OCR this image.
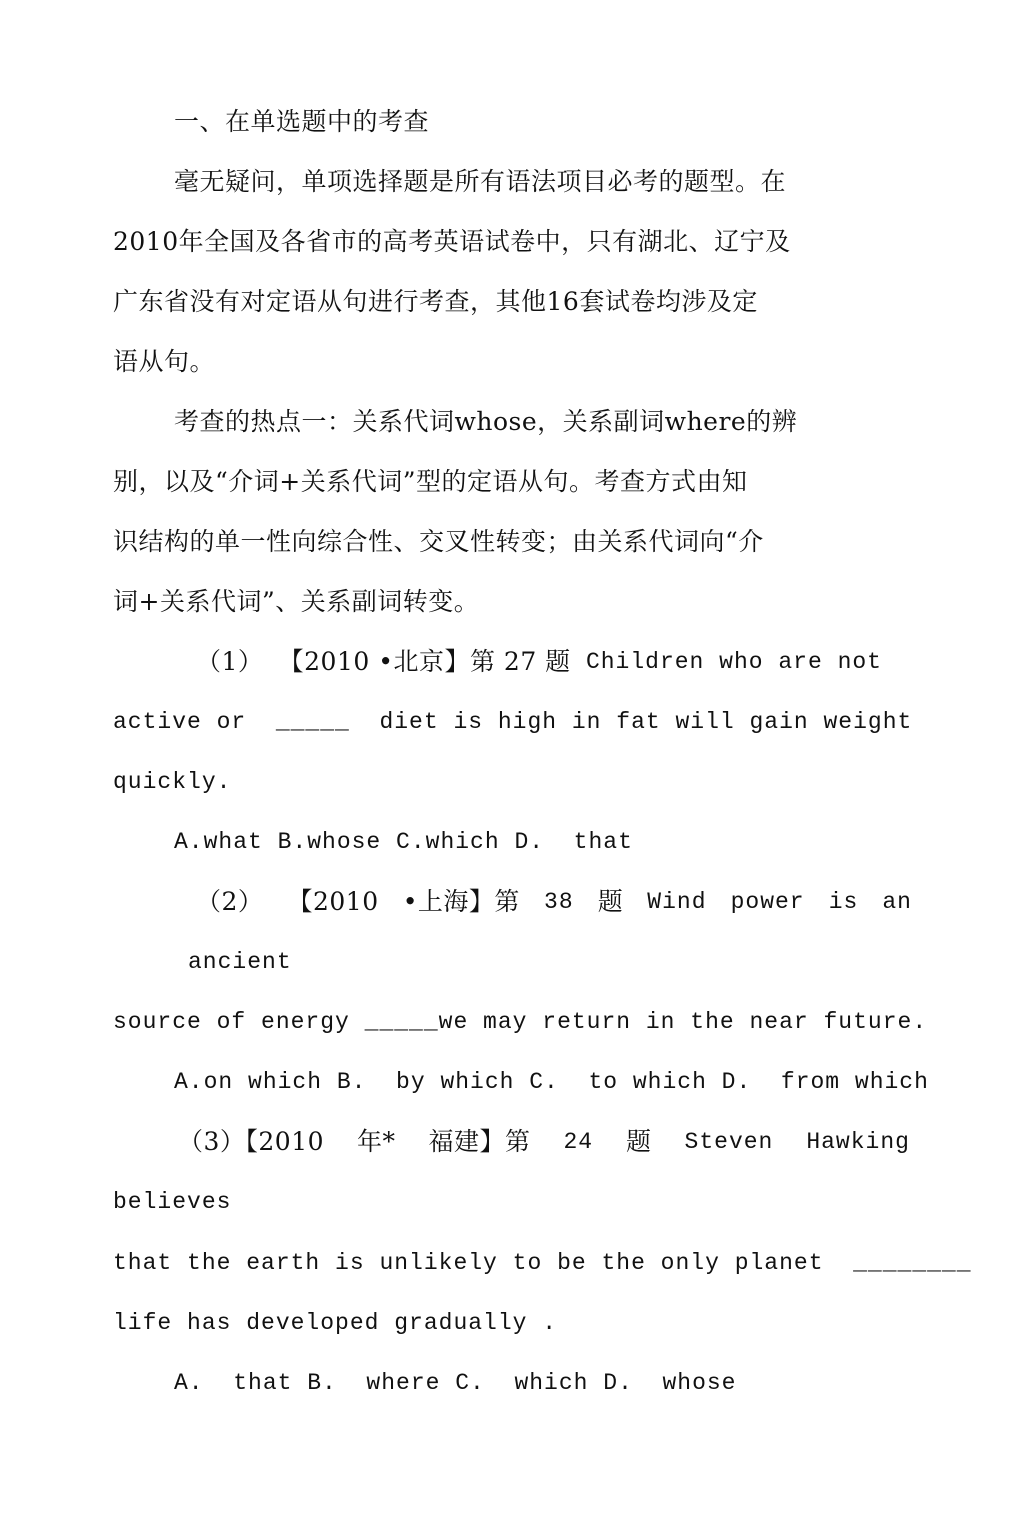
一、在单选题中的考查
毫无疑问，单项选择题是所有语法项目必考的题型。在
2010年全国及各省市的高考英语试卷中，只有湖北、辽宁及
广东省没有对定语从句进行考查，其他16套试卷均涉及定
语从句。
考查的热点一：关系代词whose，关系副词where的辨
别，以及“介词+关系代词”型的定语从句。考查方式由知
识结构的单一性向综合性、交叉性转变；由关系代词向“介
词+关系代词”、关系副词转变。
（1） 【2010 •北京】第 27 题 Children who are not
active or  _____  diet is high in fat will gain weight
quickly.
A.what B.whose C.which D.  that
（2） 【2010 •上海】第 38 题 Wind power is an
ancient
source of energy _____we may return in the near future.
A.on which B.  by which C.  to which D.  from which
（3）【2010 年* 福建】第 24 题 Steven Hawking
believes
that the earth is unlikely to be the only planet  ________
life has developed gradually .
A.  that B.  where C.  which D.  whose
